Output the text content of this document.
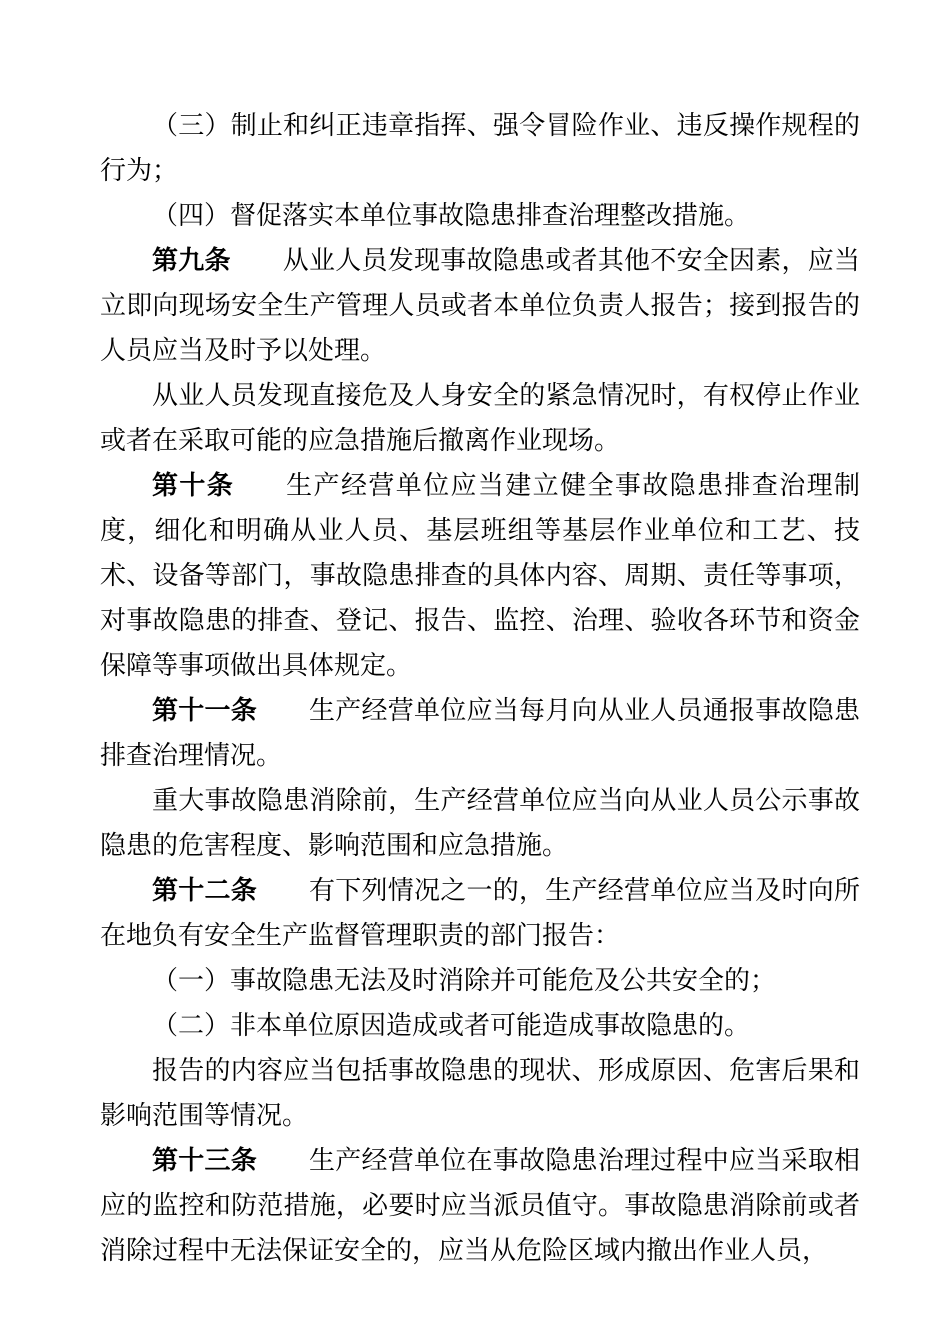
（三）制止和纠正违章指挥、强令冒险作业、违反操作规程的行为；

（四）督促落实本单位事故隐患排查治理整改措施。

第九条 从业人员发现事故隐患或者其他不安全因素，应当立即向现场安全生产管理人员或者本单位负责人报告；接到报告的人员应当及时予以处理。

从业人员发现直接危及人身安全的紧急情况时，有权停止作业或者在采取可能的应急措施后撤离作业现场。

第十条 生产经营单位应当建立健全事故隐患排查治理制度，细化和明确从业人员、基层班组等基层作业单位和工艺、技术、设备等部门，事故隐患排查的具体内容、周期、责任等事项，对事故隐患的排查、登记、报告、监控、治理、验收各环节和资金保障等事项做出具体规定。

第十一条 生产经营单位应当每月向从业人员通报事故隐患排查治理情况。

重大事故隐患消除前，生产经营单位应当向从业人员公示事故隐患的危害程度、影响范围和应急措施。

第十二条 有下列情况之一的，生产经营单位应当及时向所在地负有安全生产监督管理职责的部门报告：

（一）事故隐患无法及时消除并可能危及公共安全的；

（二）非本单位原因造成或者可能造成事故隐患的。

报告的内容应当包括事故隐患的现状、形成原因、危害后果和影响范围等情况。

第十三条 生产经营单位在事故隐患治理过程中应当采取相应的监控和防范措施，必要时应当派员值守。事故隐患消除前或者消除过程中无法保证安全的，应当从危险区域内撤出作业人员，
